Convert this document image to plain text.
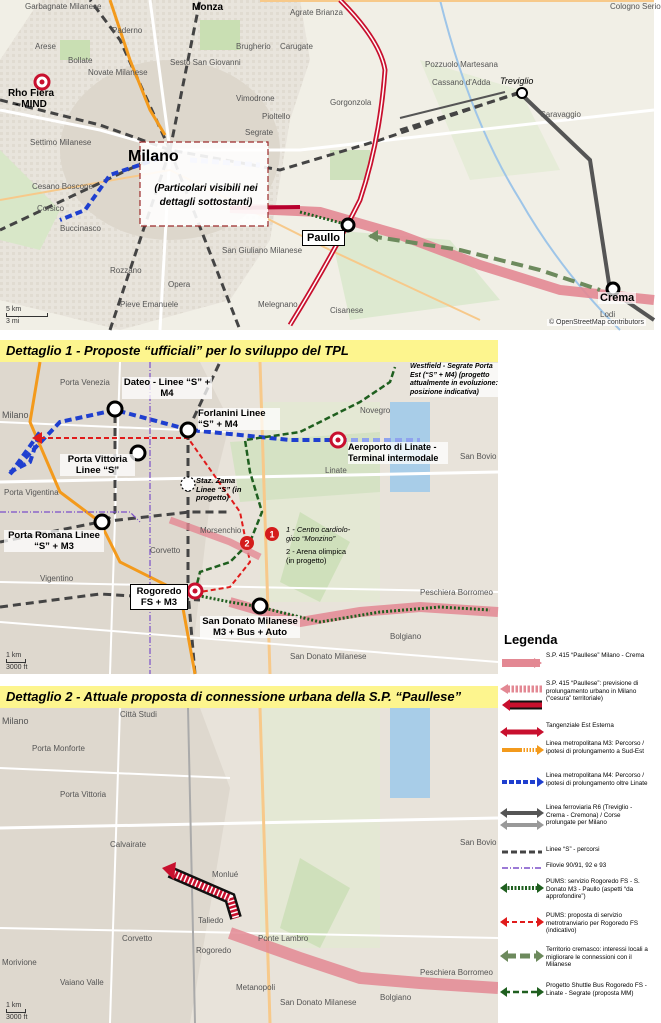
Garbagnate Milanese	Monza	Agrate Brianza
Cologno Serio
Arese
Bollate
Paderno
Novate Milanese
Sesto San Giovanni
Brugherio Carugate
Pozzuolo Martesana
Cassano d'Adda Treviglio
Caravaggio
Vimodrone
Pioltello
Gorgonzola
Segrate
Settimo Milanese
Cesano Boscone
Corsico
Buccinasco
Rozzano
Pieve Emanuele
Opera
San Giuliano Milanese
Melegnano
Cisanese	Lodi
Rho Fiera - MIND
Milano
(Particolari visibili nei dettagli sottostanti)
Paullo
Crema
5 km
3 mi	© OpenStreetMap contributors
Dettaglio 1 - Proposte “ufficiali” per lo sviluppo del TPL
1
2
Porta Venezia
Milano	Novegro
Linate
San Bovio
Porta Vigentina
Morsenchio
Corvetto
Vigentino
Peschiera Borromeo
San Donato Milanese
Bolgiano
Dateo - Linee “S” + M4
Forlanini Linee “S” + M4
Westfield - Segrate Porta Est (“S” + M4) (progetto attualmente in evoluzione: posizione indicativa)
Aeroporto di Linate - Terminal intermodale
Porta Vittoria Linee “S”
Staz. Zama Linee “S” (in progetto)
Porta Romana Linee “S” + M3
1 - Centro cardiolo-gico “Monzino”
2 - Arena olimpica (in progetto)
Rogoredo FS + M3
San Donato Milanese M3 + Bus + Auto
1 km
3000 ft
Dettaglio 2 - Attuale proposta di connessione urbana della S.P. “Paullese”
Città Studi
Porta Monforte
Porta Vittoria
Calvairate
Monlué
Taliedo
Ponte Lambro
Corvetto
Morivione
Rogoredo
Vaiano Valle
Metanopoli
San Donato Milanese
Peschiera Borromeo
Bolgiano
San Bovio
Milano
1 km
3000 ft
Legenda
S.P. 415 “Paullese” Milano - Crema
S.P. 415 “Paullese”: previsione di prolungamento urbano in Milano (“cesura” territoriale)
Tangenziale Est Esterna
Linea metropolitana M3: Percorso / ipotesi di prolungamento a Sud-Est
Linea metropolitana M4: Percorso / ipotesi di prolungamento oltre Linate
Linea ferroviaria R6 (Treviglio - Crema - Cremona) / Corse prolungate per Milano
Linee “S” - percorsi
Filovie 90/91, 92 e 93
PUMS: servizio Rogoredo FS - S. Donato M3 - Paullo (aspetti “da approfondire”)
PUMS: proposta di servizio metrotranviario per Rogoredo FS (indicativo)
Territorio cremasco: interessi locali a migliorare le connessioni con il Milanese
Progetto Shuttle Bus Rogoredo FS - Linate - Segrate (proposta MM)
